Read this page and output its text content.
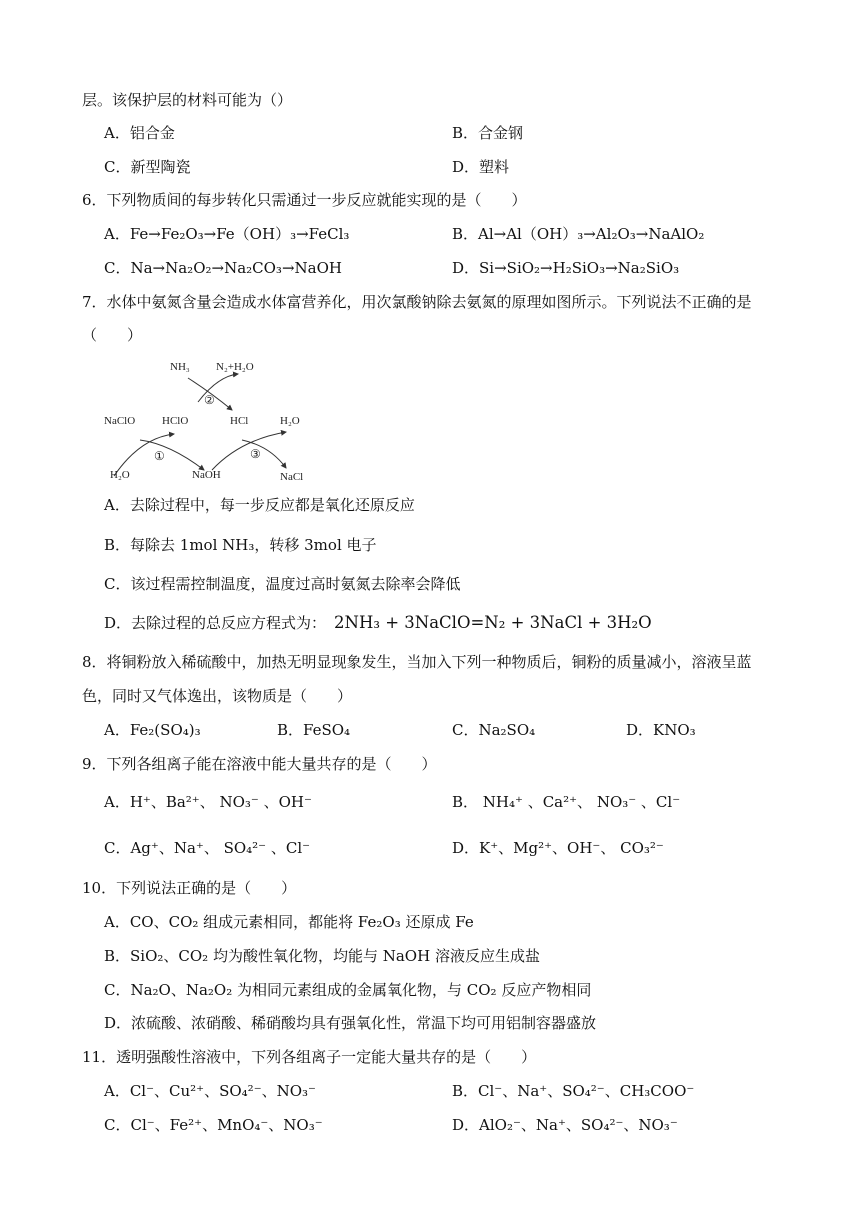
层。该保护层的材料可能为（）
A．铝合金	B．合金钢
C．新型陶瓷	D．塑料
6．下列物质间的每步转化只需通过一步反应就能实现的是（　　）
A．Fe→Fe₂O₃→Fe（OH）₃→FeCl₃	B．Al→Al（OH）₃→Al₂O₃→NaAlO₂
C．Na→Na₂O₂→Na₂CO₃→NaOH	D．Si→SiO₂→H₂SiO₃→Na₂SiO₃
7．水体中氨氮含量会造成水体富营养化，用次氯酸钠除去氨氮的原理如图所示。下列说法不正确的是
（　　）
NH₃ N₂+H₂O
②
NaClO HClO	HCl	H₂O
①	③
H₂O	NaOH	NaCl
A．去除过程中，每一步反应都是氧化还原反应
B．每除去 1mol NH₃，转移 3mol 电子
C．该过程需控制温度，温度过高时氨氮去除率会降低
D．去除过程的总反应方程式为： 2NH₃ + 3NaClO=N₂ + 3NaCl + 3H₂O
8．将铜粉放入稀硫酸中，加热无明显现象发生，当加入下列一种物质后，铜粉的质量减小，溶液呈蓝
色，同时又气体逸出，该物质是（　　）
A．Fe₂(SO₄)₃	B．FeSO₄	C．Na₂SO₄	D．KNO₃
9．下列各组离子能在溶液中能大量共存的是（　　）
A．H⁺、Ba²⁺、 NO₃⁻ 、OH⁻	B． NH₄⁺ 、Ca²⁺、 NO₃⁻ 、Cl⁻
C．Ag⁺、Na⁺、 SO₄²⁻ 、Cl⁻	D．K⁺、Mg²⁺、OH⁻、 CO₃²⁻
10．下列说法正确的是（　　）
A．CO、CO₂ 组成元素相同，都能将 Fe₂O₃ 还原成 Fe
B．SiO₂、CO₂ 均为酸性氧化物，均能与 NaOH 溶液反应生成盐
C．Na₂O、Na₂O₂ 为相同元素组成的金属氧化物，与 CO₂ 反应产物相同
D．浓硫酸、浓硝酸、稀硝酸均具有强氧化性，常温下均可用铝制容器盛放
11．透明强酸性溶液中，下列各组离子一定能大量共存的是（　　）
A．Cl⁻、Cu²⁺、SO₄²⁻、NO₃⁻	B．Cl⁻、Na⁺、SO₄²⁻、CH₃COO⁻
C．Cl⁻、Fe²⁺、MnO₄⁻、NO₃⁻	D．AlO₂⁻、Na⁺、SO₄²⁻、NO₃⁻
